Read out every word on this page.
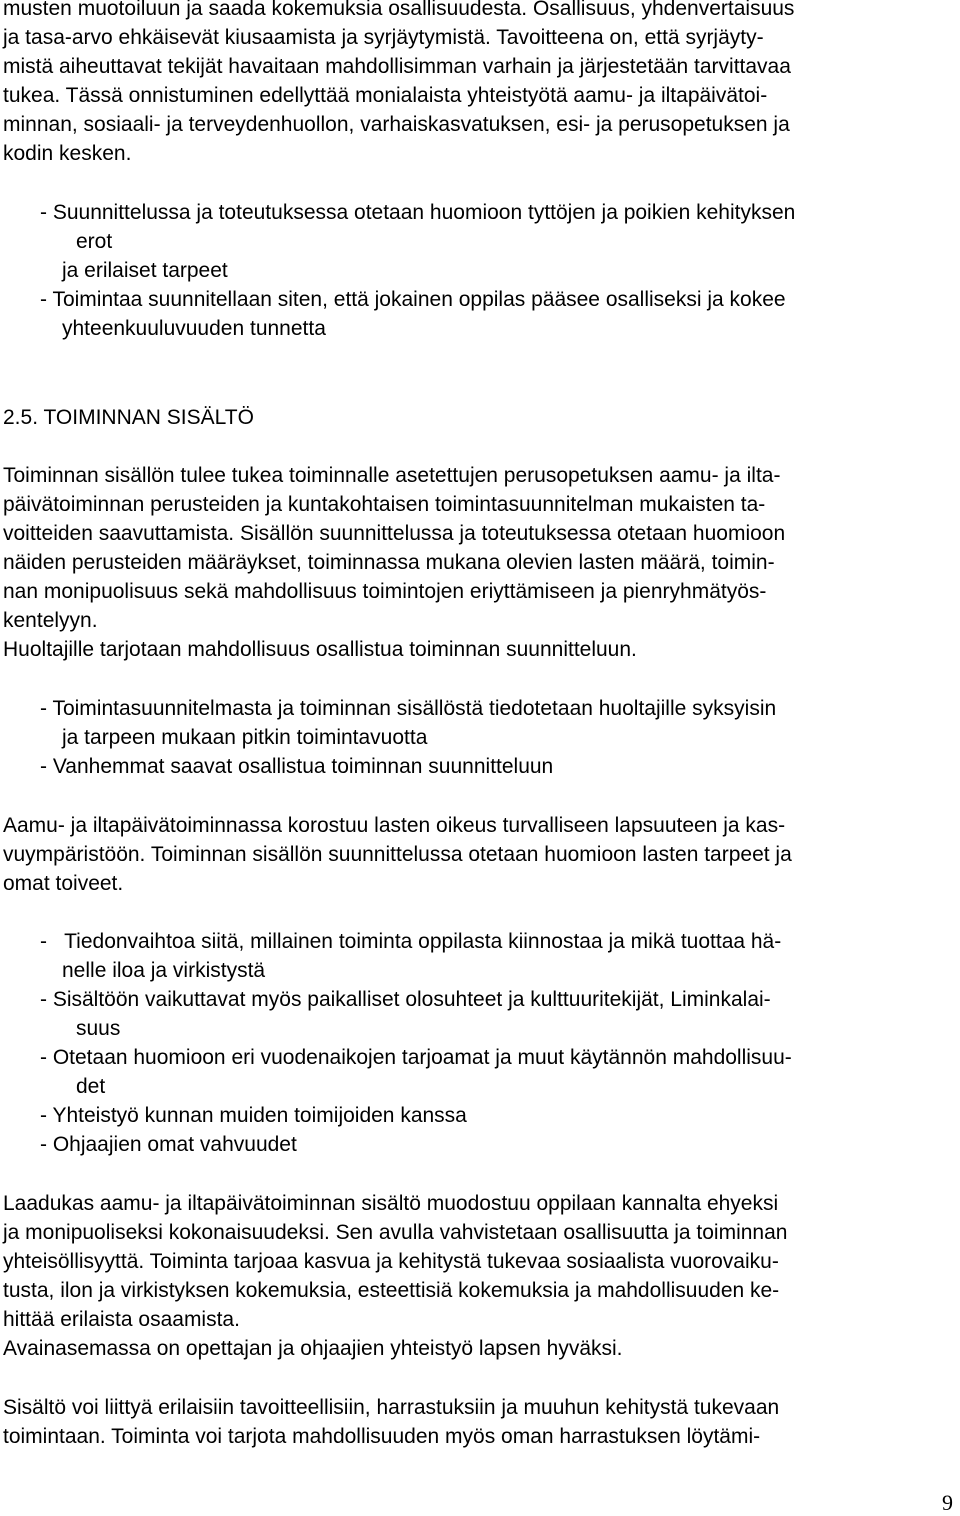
musten muotoiluun ja saada kokemuksia osallisuudesta. Osallisuus, yhdenvertaisuus
ja tasa-arvo ehkäisevät kiusaamista ja syrjäytymistä. Tavoitteena on, että syrjäyty-
mistä aiheuttavat tekijät havaitaan mahdollisimman varhain ja järjestetään tarvittavaa
tukea. Tässä onnistuminen edellyttää monialaista yhteistyötä aamu- ja iltapäivätoi-
minnan, sosiaali- ja terveydenhuollon, varhaiskasvatuksen, esi- ja perusopetuksen ja
kodin kesken.
- Suunnittelussa ja toteutuksessa otetaan huomioon tyttöjen ja poikien kehityksen
erot
ja erilaiset tarpeet
- Toimintaa suunnitellaan siten, että jokainen oppilas pääsee osalliseksi ja kokee
yhteenkuuluvuuden tunnetta
2.5. TOIMINNAN SISÄLTÖ
Toiminnan sisällön tulee tukea toiminnalle asetettujen perusopetuksen aamu- ja ilta-
päivätoiminnan perusteiden ja kuntakohtaisen toimintasuunnitelman mukaisten ta-
voitteiden saavuttamista. Sisällön suunnittelussa ja toteutuksessa otetaan huomioon
näiden perusteiden määräykset, toiminnassa mukana olevien lasten määrä, toimin-
nan monipuolisuus sekä mahdollisuus toimintojen eriyttämiseen ja pienryhmätyös-
kentelyyn.
Huoltajille tarjotaan mahdollisuus osallistua toiminnan suunnitteluun.
- Toimintasuunnitelmasta ja toiminnan sisällöstä tiedotetaan huoltajille syksyisin
ja tarpeen mukaan pitkin toimintavuotta
- Vanhemmat saavat osallistua toiminnan suunnitteluun
Aamu- ja iltapäivätoiminnassa korostuu lasten oikeus turvalliseen lapsuuteen ja kas-
vuympäristöön. Toiminnan sisällön suunnittelussa otetaan huomioon lasten tarpeet ja
omat toiveet.
-   Tiedonvaihtoa siitä, millainen toiminta oppilasta kiinnostaa ja mikä tuottaa hä-
nelle iloa ja virkistystä
- Sisältöön vaikuttavat myös paikalliset olosuhteet ja kulttuuritekijät, Liminkalai-
suus
- Otetaan huomioon eri vuodenaikojen tarjoamat ja muut käytännön mahdollisuu-
det
- Yhteistyö kunnan muiden toimijoiden kanssa
- Ohjaajien omat vahvuudet
Laadukas aamu- ja iltapäivätoiminnan sisältö muodostuu oppilaan kannalta ehyeksi
ja monipuoliseksi kokonaisuudeksi. Sen avulla vahvistetaan osallisuutta ja toiminnan
yhteisöllisyyttä. Toiminta tarjoaa kasvua ja kehitystä tukevaa sosiaalista vuorovaiku-
tusta, ilon ja virkistyksen kokemuksia, esteettisiä kokemuksia ja mahdollisuuden ke-
hittää erilaista osaamista.
Avainasemassa on opettajan ja ohjaajien yhteistyö lapsen hyväksi.
Sisältö voi liittyä erilaisiin tavoitteellisiin, harrastuksiin ja muuhun kehitystä tukevaan
toimintaan. Toiminta voi tarjota mahdollisuuden myös oman harrastuksen löytämi-
9
